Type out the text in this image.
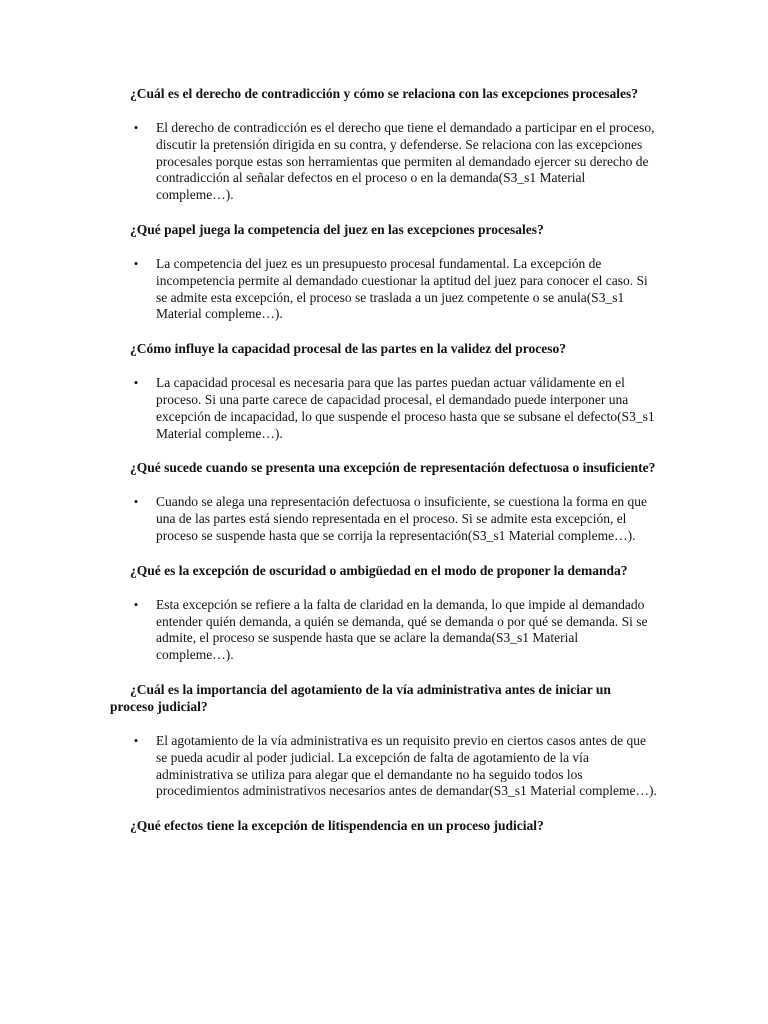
¿Cuál es el derecho de contradicción y cómo se relaciona con las excepciones procesales?

• El derecho de contradicción es el derecho que tiene el demandado a participar en el proceso, discutir la pretensión dirigida en su contra, y defenderse. Se relaciona con las excepciones procesales porque estas son herramientas que permiten al demandado ejercer su derecho de contradicción al señalar defectos en el proceso o en la demanda(S3_s1 Material compleme…).

¿Qué papel juega la competencia del juez en las excepciones procesales?

• La competencia del juez es un presupuesto procesal fundamental. La excepción de incompetencia permite al demandado cuestionar la aptitud del juez para conocer el caso. Si se admite esta excepción, el proceso se traslada a un juez competente o se anula(S3_s1 Material compleme…).

¿Cómo influye la capacidad procesal de las partes en la validez del proceso?

• La capacidad procesal es necesaria para que las partes puedan actuar válidamente en el proceso. Si una parte carece de capacidad procesal, el demandado puede interponer una excepción de incapacidad, lo que suspende el proceso hasta que se subsane el defecto(S3_s1 Material compleme…).

¿Qué sucede cuando se presenta una excepción de representación defectuosa o insuficiente?

• Cuando se alega una representación defectuosa o insuficiente, se cuestiona la forma en que una de las partes está siendo representada en el proceso. Si se admite esta excepción, el proceso se suspende hasta que se corrija la representación(S3_s1 Material compleme…).

¿Qué es la excepción de oscuridad o ambigüedad en el modo de proponer la demanda?

• Esta excepción se refiere a la falta de claridad en la demanda, lo que impide al demandado entender quién demanda, a quién se demanda, qué se demanda o por qué se demanda. Si se admite, el proceso se suspende hasta que se aclare la demanda(S3_s1 Material compleme…).

¿Cuál es la importancia del agotamiento de la vía administrativa antes de iniciar un proceso judicial?

• El agotamiento de la vía administrativa es un requisito previo en ciertos casos antes de que se pueda acudir al poder judicial. La excepción de falta de agotamiento de la vía administrativa se utiliza para alegar que el demandante no ha seguido todos los procedimientos administrativos necesarios antes de demandar(S3_s1 Material compleme…).

¿Qué efectos tiene la excepción de litispendencia en un proceso judicial?
